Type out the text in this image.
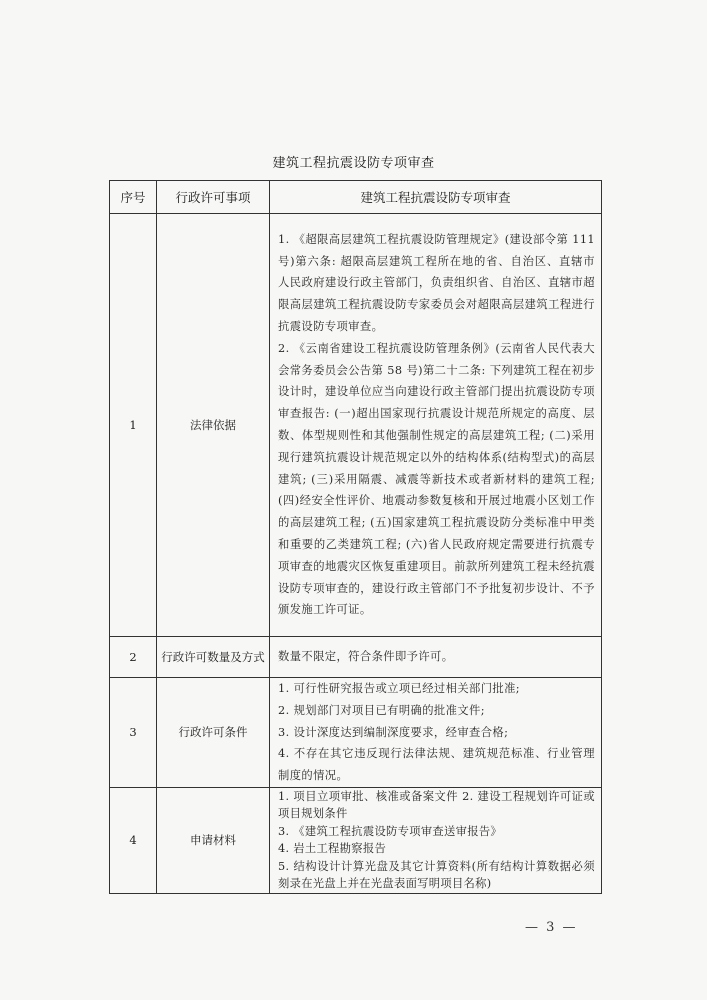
建筑工程抗震设防专项审查
序号	行政许可事项	建筑工程抗震设防专项审查
1	法律依据	1. 《超限高层建筑工程抗震设防管理规定》(建设部令第 111 号)第六条: 超限高层建筑工程所在地的省、自治区、直辖市人民政府建设行政主管部门，负责组织省、自治区、直辖市超限高层建筑工程抗震设防专家委员会对超限高层建筑工程进行抗震设防专项审查。

2. 《云南省建设工程抗震设防管理条例》(云南省人民代表大会常务委员会公告第 58 号)第二十二条: 下列建筑工程在初步设计时，建设单位应当向建设行政主管部门提出抗震设防专项审查报告: (一)超出国家现行抗震设计规范所规定的高度、层数、体型规则性和其他强制性规定的高层建筑工程; (二)采用现行建筑抗震设计规范规定以外的结构体系(结构型式)的高层建筑; (三)采用隔震、减震等新技术或者新材料的建筑工程; (四)经安全性评价、地震动参数复核和开展过地震小区划工作的高层建筑工程; (五)国家建筑工程抗震设防分类标准中甲类和重要的乙类建筑工程; (六)省人民政府规定需要进行抗震专项审查的地震灾区恢复重建项目。前款所列建筑工程未经抗震设防专项审查的，建设行政主管部门不予批复初步设计、不予颁发施工许可证。

2	行政许可数量及方式	数量不限定，符合条件即予许可。

3	行政许可条件	1. 可行性研究报告或立项已经过相关部门批准;

2. 规划部门对项目已有明确的批准文件;

3. 设计深度达到编制深度要求，经审查合格;

4. 不存在其它违反现行法律法规、建筑规范标准、行业管理制度的情况。

4	申请材料	1. 项目立项审批、核准或备案文件 2. 建设工程规划许可证或项目规划条件

3. 《建筑工程抗震设防专项审查送审报告》

4. 岩土工程勘察报告

5. 结构设计计算光盘及其它计算资料(所有结构计算数据必须刻录在光盘上并在光盘表面写明项目名称)

— 3 —
